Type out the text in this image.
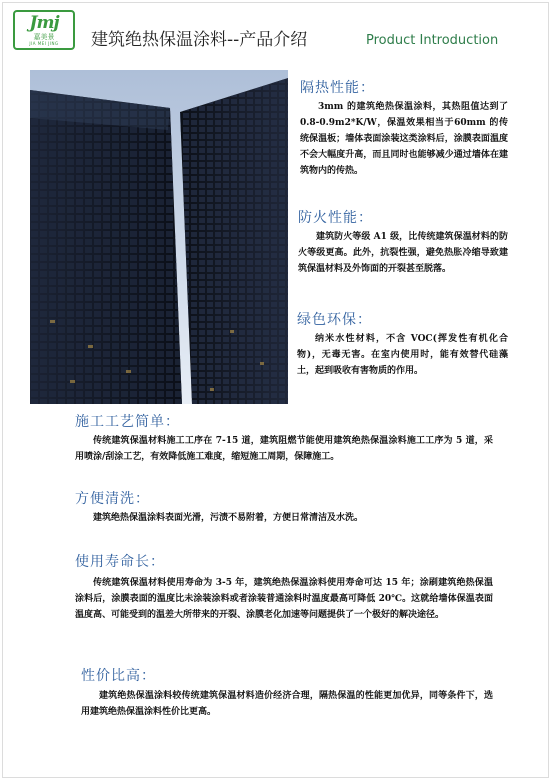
Jmj
嘉美景
JIA MEI JING	建筑绝热保温涂料--产品介绍	Product Introduction
隔热性能：

3mm 的建筑绝热保温涂料，其热阻值达到了 0.8-0.9m2*K/W，保温效果相当于60mm 的传统保温板；墙体表面涂装这类涂料后，涂膜表面温度不会大幅度升高，而且同时也能够减少通过墙体在建筑物内的传热。

防火性能：

建筑防火等级 A1 级，比传统建筑保温材料的防火等级更高。此外，抗裂性强，避免热胀冷缩导致建筑保温材料及外饰面的开裂甚至脱落。

绿色环保：

纳米水性材料，不含 VOC(挥发性有机化合物)，无毒无害。在室内使用时，能有效替代硅藻土，起到吸收有害物质的作用。

施工工艺简单：

传统建筑保温材料施工工序在 7-15 道，建筑阻燃节能使用建筑绝热保温涂料施工工序为 5 道，采用喷涂/刮涂工艺，有效降低施工难度，缩短施工周期，保障施工。

方便清洗：

建筑绝热保温涂料表面光滑，污渍不易附着，方便日常清洁及水洗。

使用寿命长：

传统建筑保温材料使用寿命为 3-5 年，建筑绝热保温涂料使用寿命可达 15 年；涂刷建筑绝热保温涂料后，涂膜表面的温度比未涂装涂料或者涂装普通涂料时温度最高可降低 20℃。这就给墙体保温表面温度高、可能受到的温差大所带来的开裂、涂膜老化加速等问题提供了一个极好的解决途径。

性价比高：

建筑绝热保温涂料较传统建筑保温材料造价经济合理，隔热保温的性能更加优异，同等条件下，选用建筑绝热保温涂料性价比更高。
